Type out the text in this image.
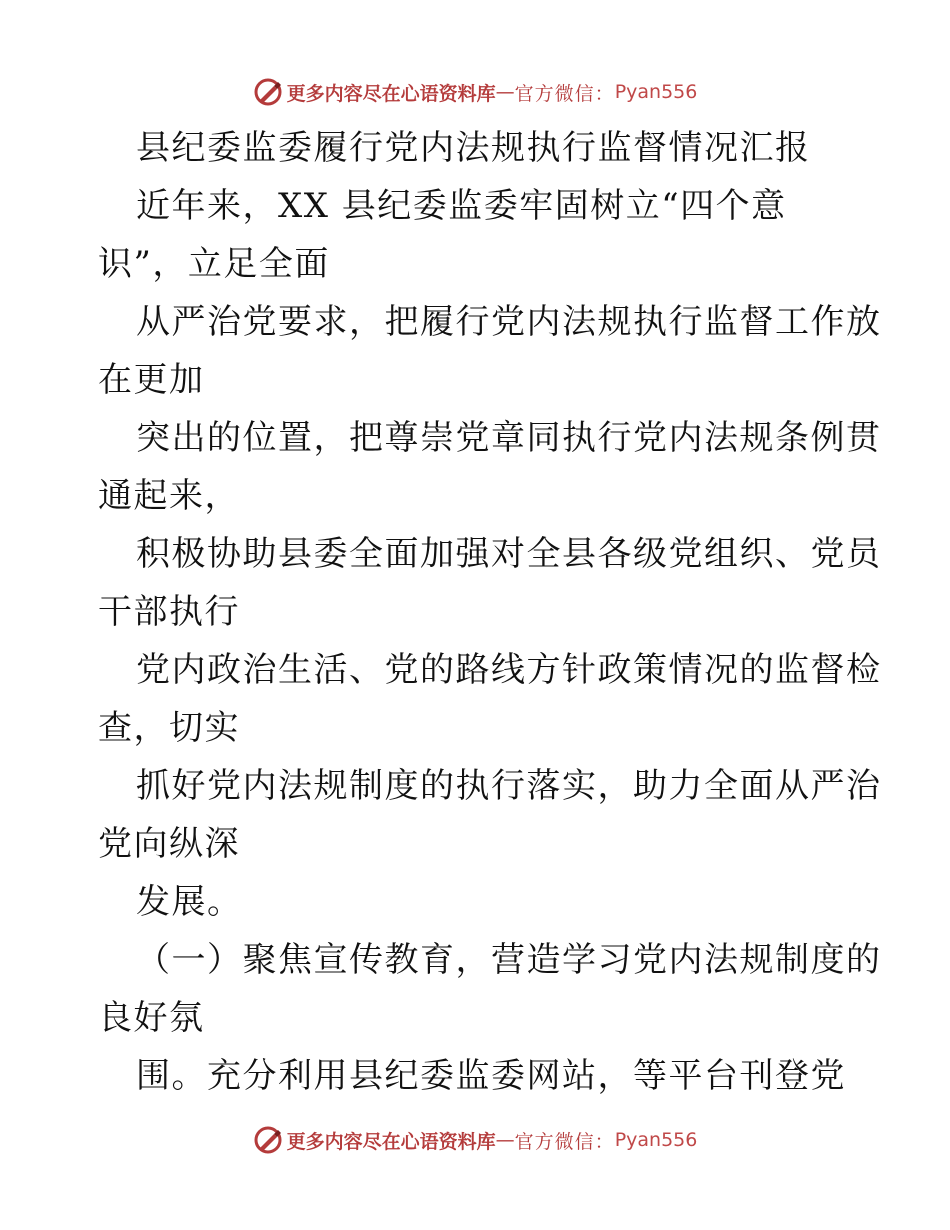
更多内容尽在心语资料库 — 官方微信： Pyan556
县纪委监委履行党内法规执行监督情况汇报
近年来，XX 县纪委监委牢固树立“四个意
识”，立足全面
从严治党要求，把履行党内法规执行监督工作放
在更加
突出的位置，把尊崇党章同执行党内法规条例贯
通起来，
积极协助县委全面加强对全县各级党组织、党员
干部执行
党内政治生活、党的路线方针政策情况的监督检
查，切实
抓好党内法规制度的执行落实，助力全面从严治
党向纵深
发展。
（一）聚焦宣传教育，营造学习党内法规制度的
良好氛
围。充分利用县纪委监委网站，等平台刊登党
更多内容尽在心语资料库 — 官方微信： Pyan556
